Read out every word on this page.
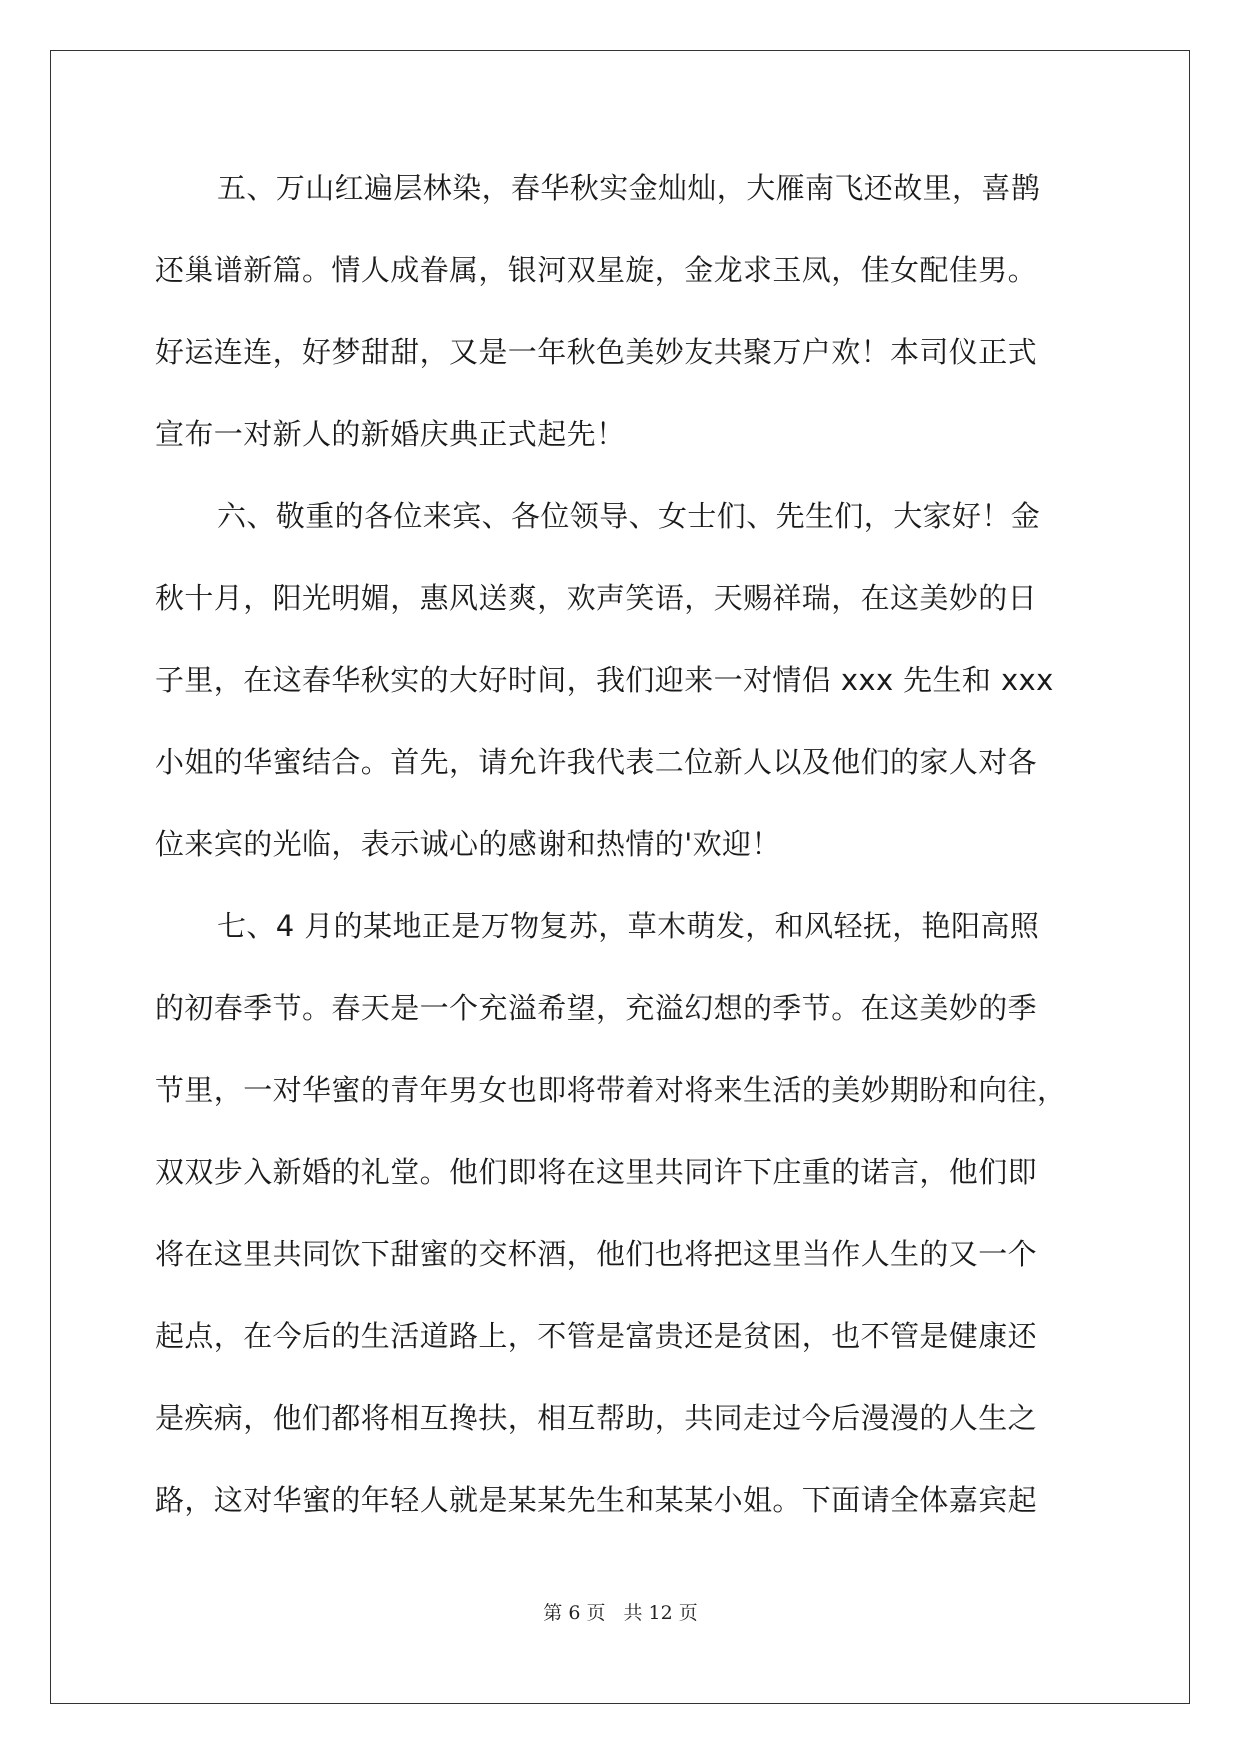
五、万山红遍层林染，春华秋实金灿灿，大雁南飞还故里，喜鹊
还巢谱新篇。情人成眷属，银河双星旋，金龙求玉凤，佳女配佳男。
好运连连，好梦甜甜，又是一年秋色美妙友共聚万户欢！本司仪正式
宣布一对新人的新婚庆典正式起先！
六、敬重的各位来宾、各位领导、女士们、先生们，大家好！金
秋十月，阳光明媚，惠风送爽，欢声笑语，天赐祥瑞，在这美妙的日
子里，在这春华秋实的大好时间，我们迎来一对情侣 xxx 先生和 xxx
小姐的华蜜结合。首先，请允许我代表二位新人以及他们的家人对各
位来宾的光临，表示诚心的感谢和热情的'欢迎！
七、4 月的某地正是万物复苏，草木萌发，和风轻抚，艳阳高照
的初春季节。春天是一个充溢希望，充溢幻想的季节。在这美妙的季
节里，一对华蜜的青年男女也即将带着对将来生活的美妙期盼和向往，
双双步入新婚的礼堂。他们即将在这里共同许下庄重的诺言，他们即
将在这里共同饮下甜蜜的交杯酒，他们也将把这里当作人生的又一个
起点，在今后的生活道路上，不管是富贵还是贫困，也不管是健康还
是疾病，他们都将相互搀扶，相互帮助，共同走过今后漫漫的人生之
路，这对华蜜的年轻人就是某某先生和某某小姐。下面请全体嘉宾起
第 6 页 共 12 页
